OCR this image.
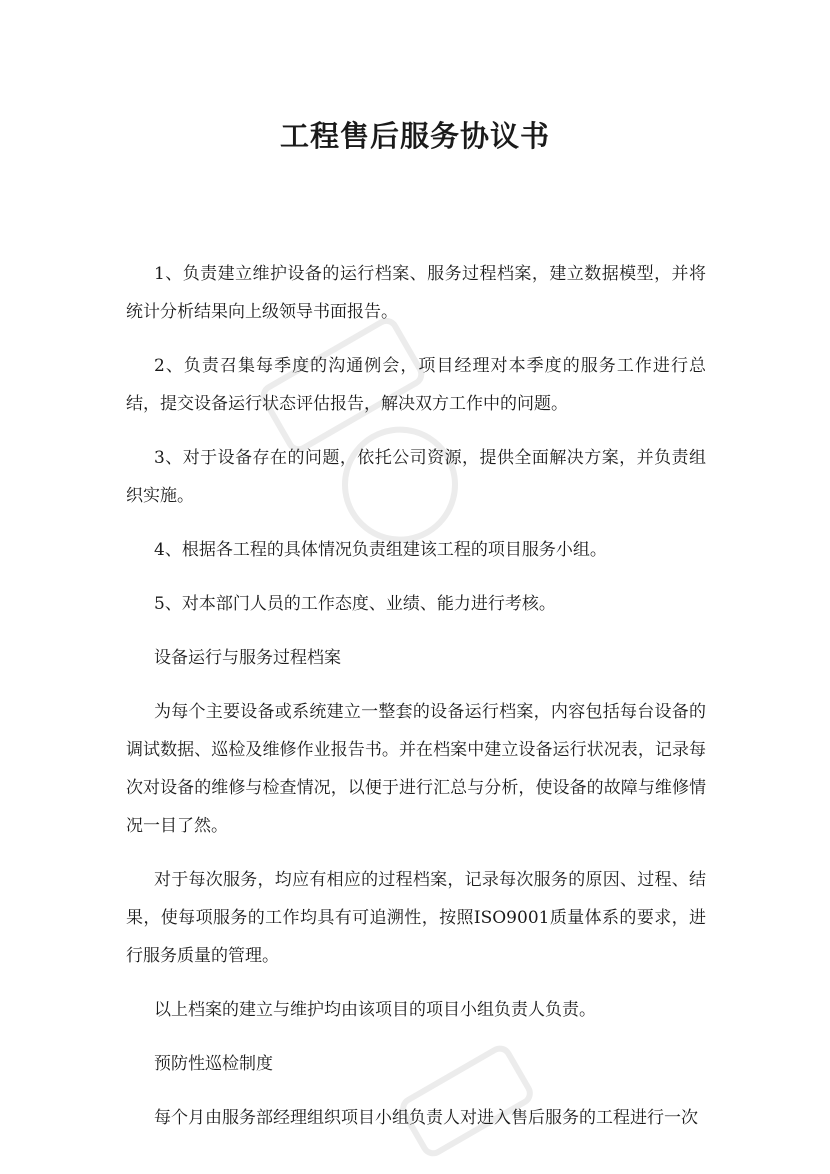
工程售后服务协议书

1、负责建立维护设备的运行档案、服务过程档案，建立数据模型，并将统计分析结果向上级领导书面报告。

2、负责召集每季度的沟通例会，项目经理对本季度的服务工作进行总结，提交设备运行状态评估报告，解决双方工作中的问题。

3、对于设备存在的问题，依托公司资源，提供全面解决方案，并负责组织实施。

4、根据各工程的具体情况负责组建该工程的项目服务小组。

5、对本部门人员的工作态度、业绩、能力进行考核。

设备运行与服务过程档案

为每个主要设备或系统建立一整套的设备运行档案，内容包括每台设备的调试数据、巡检及维修作业报告书。并在档案中建立设备运行状况表，记录每次对设备的维修与检查情况，以便于进行汇总与分析，使设备的故障与维修情况一目了然。

对于每次服务，均应有相应的过程档案，记录每次服务的原因、过程、结果，使每项服务的工作均具有可追溯性，按照ISO9001质量体系的要求，进行服务质量的管理。

以上档案的建立与维护均由该项目的项目小组负责人负责。

预防性巡检制度

每个月由服务部经理组织项目小组负责人对进入售后服务的工程进行一次
